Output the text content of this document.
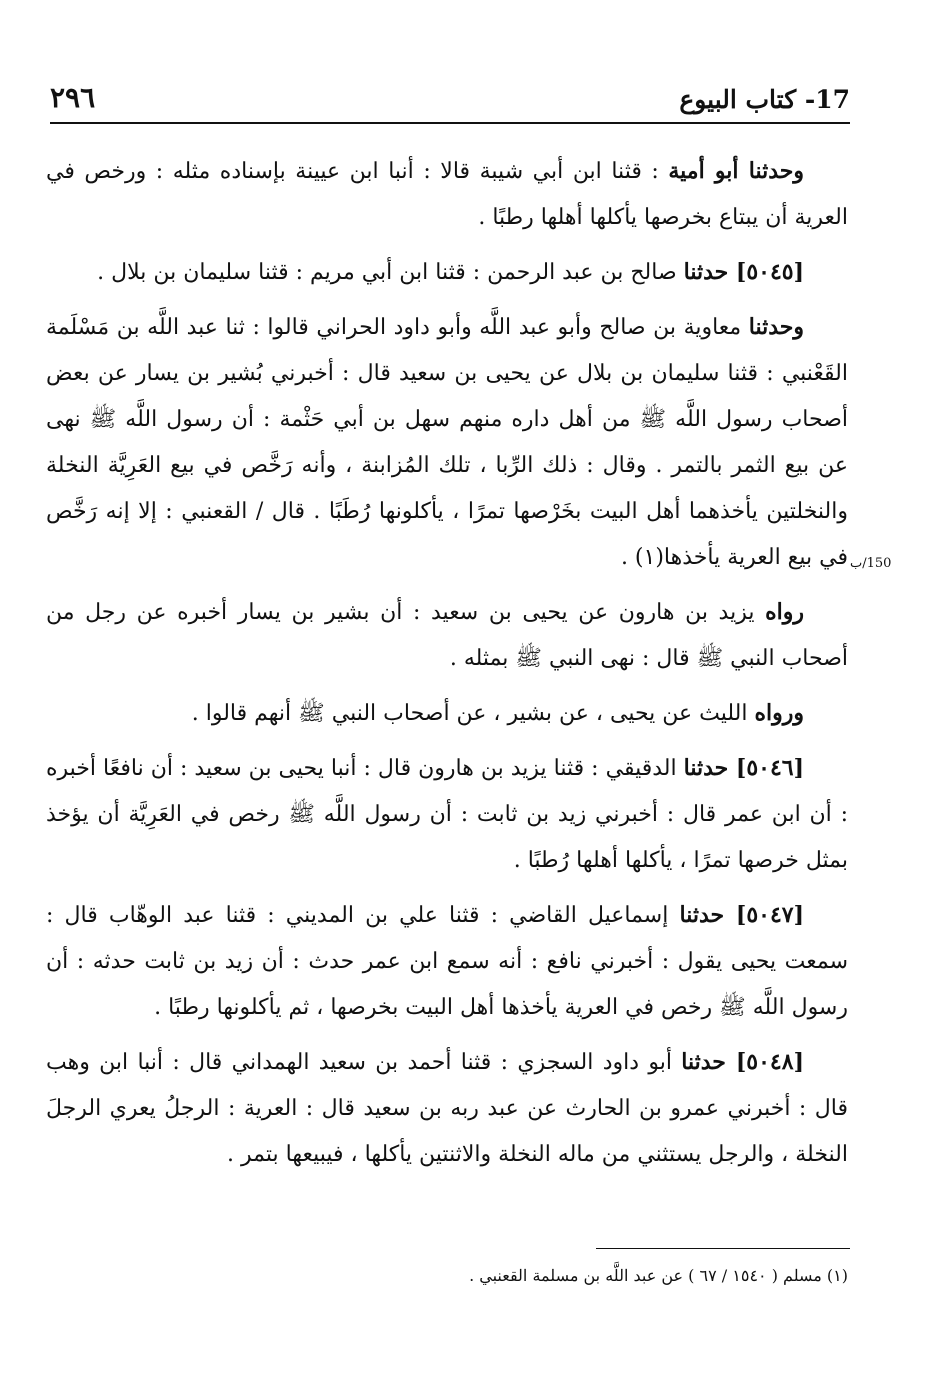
٢٩٦	17- كتاب البيوع

وحدثنا أبو أمية : قثنا ابن أبي شيبة قالا : أنبا ابن عيينة بإسناده مثله : ورخص في العرية أن يبتاع بخرصها يأكلها أهلها رطبًا .

[٥٠٤٥] حدثنا صالح بن عبد الرحمن : قثنا ابن أبي مريم : قثنا سليمان بن بلال .

وحدثنا معاوية بن صالح وأبو عبد اللَّه وأبو داود الحراني قالوا : ثنا عبد اللَّه بن مَسْلَمة القَعْنبي : قثنا سليمان بن بلال عن يحيى بن سعيد قال : أخبرني بُشير بن يسار عن بعض أصحاب رسول اللَّه ﷺ من أهل داره منهم سهل بن أبي حَثْمة : أن رسول اللَّه ﷺ نهى عن بيع الثمر بالتمر . وقال : ذلك الرِّبا ، تلك المُزابنة ، وأنه رَخَّص في بيع العَرِيَّة النخلة والنخلتين يأخذهما أهل البيت بخَرْصها تمرًا ، يأكلونها رُطَبًا . قال / القعنبي : إلا إنه رَخَّص في بيع العرية يأخذها(١) .

رواه يزيد بن هارون عن يحيى بن سعيد : أن بشير بن يسار أخبره عن رجل من أصحاب النبي ﷺ قال : نهى النبي ﷺ بمثله .

ورواه الليث عن يحيى ، عن بشير ، عن أصحاب النبي ﷺ أنهم قالوا .

[٥٠٤٦] حدثنا الدقيقي : قثنا يزيد بن هارون قال : أنبا يحيى بن سعيد : أن نافعًا أخبره : أن ابن عمر قال : أخبرني زيد بن ثابت : أن رسول اللَّه ﷺ رخص في العَرِيَّة أن يؤخذ بمثل خرصها تمرًا ، يأكلها أهلها رُطبًا .

[٥٠٤٧] حدثنا إسماعيل القاضي : قثنا علي بن المديني : قثنا عبد الوهّاب قال : سمعت يحيى يقول : أخبرني نافع : أنه سمع ابن عمر حدث : أن زيد بن ثابت حدثه : أن رسول اللَّه ﷺ رخص في العرية يأخذها أهل البيت بخرصها ، ثم يأكلونها رطبًا .

[٥٠٤٨] حدثنا أبو داود السجزي : قثنا أحمد بن سعيد الهمداني قال : أنبا ابن وهب قال : أخبرني عمرو بن الحارث عن عبد ربه بن سعيد قال : العرية : الرجلُ يعري الرجلَ النخلة ، والرجل يستثني من ماله النخلة والاثنتين يأكلها ، فيبيعها بتمر .

150/ب
(١) مسلم ( ١٥٤٠ / ٦٧ ) عن عبد اللَّه بن مسلمة القعنبي .
